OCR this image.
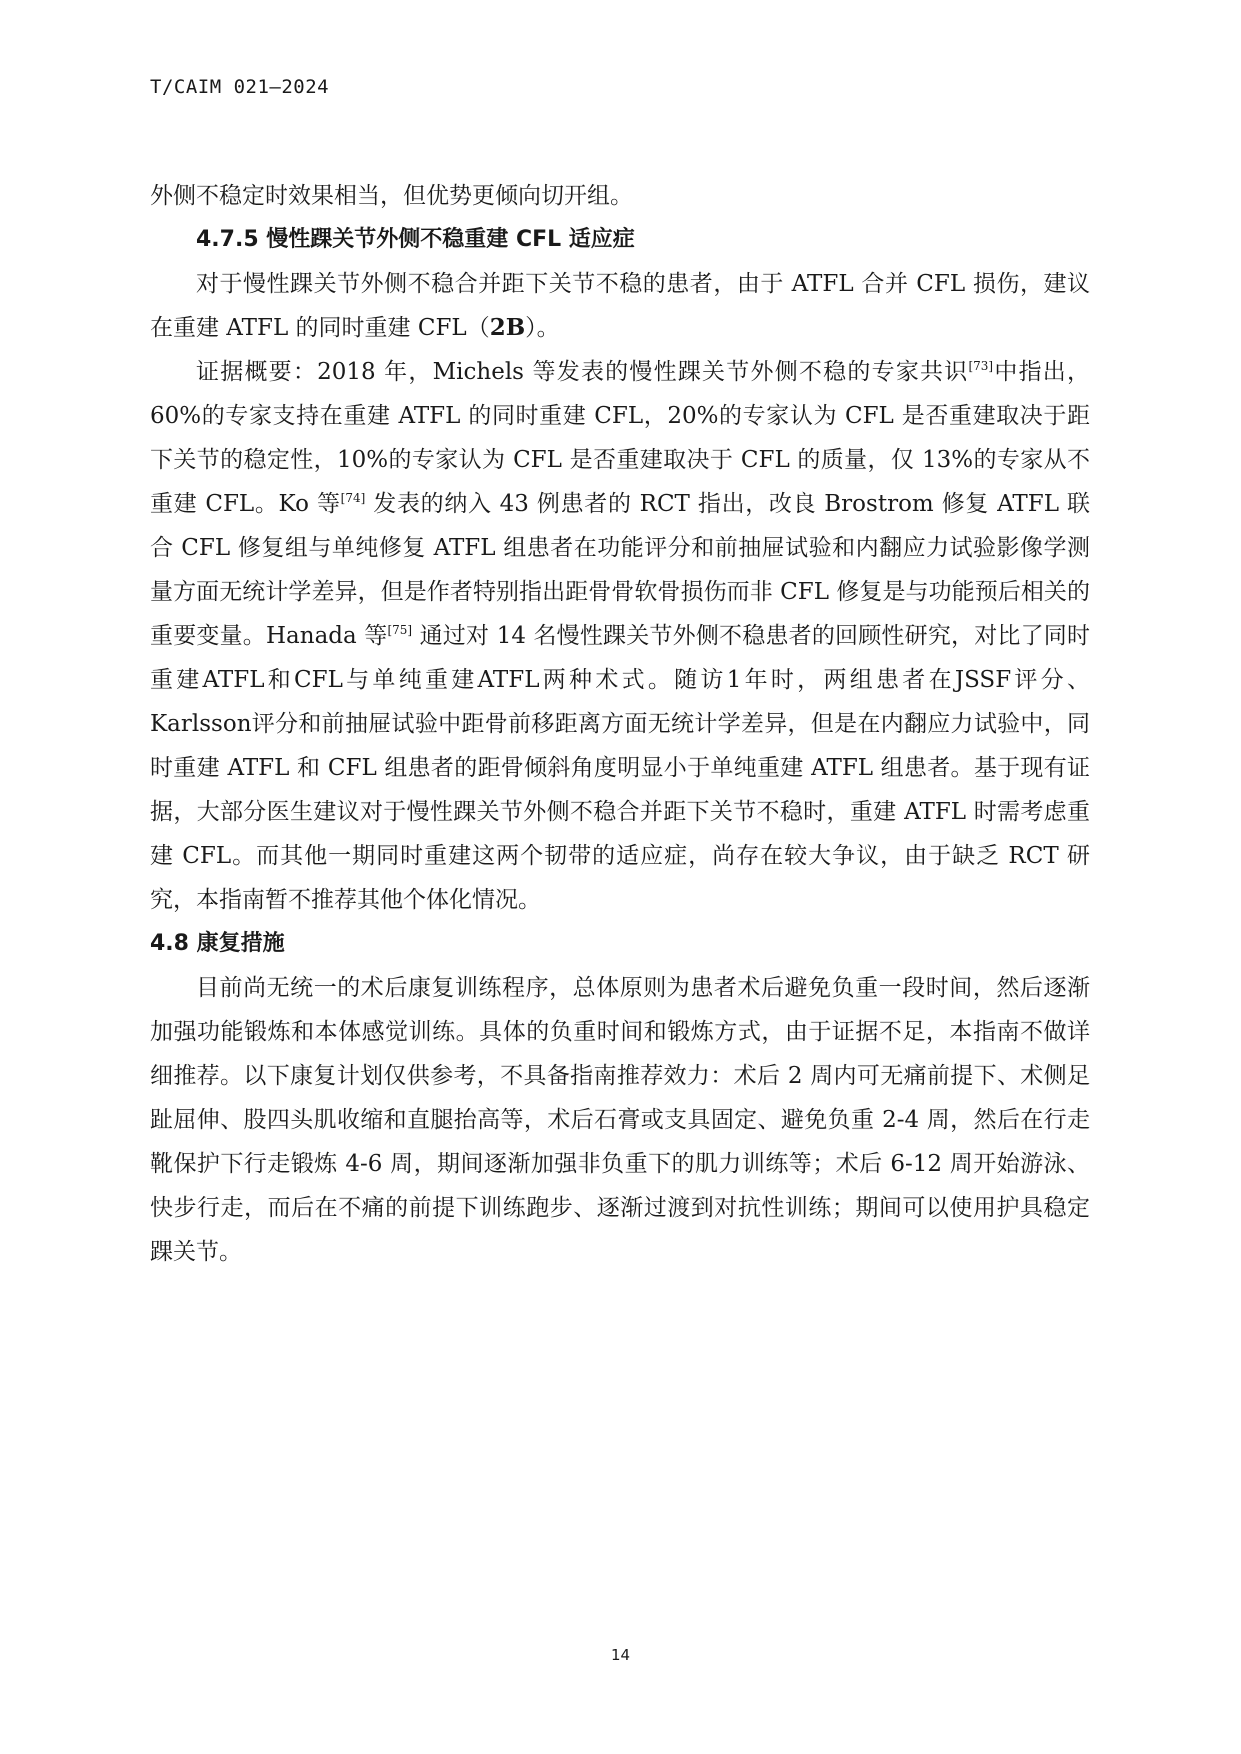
T/CAIM 021—2024

外侧不稳定时效果相当，但优势更倾向切开组。

4.7.5 慢性踝关节外侧不稳重建 CFL 适应症

对于慢性踝关节外侧不稳合并距下关节不稳的患者，由于 ATFL 合并 CFL 损伤，建议在重建 ATFL 的同时重建 CFL（2B）。

证据概要：2018 年，Michels 等发表的慢性踝关节外侧不稳的专家共识[73]中指出，60%的专家支持在重建 ATFL 的同时重建 CFL，20%的专家认为 CFL 是否重建取决于距下关节的稳定性，10%的专家认为 CFL 是否重建取决于 CFL 的质量，仅 13%的专家从不重建 CFL。Ko 等[74] 发表的纳入 43 例患者的 RCT 指出，改良 Brostrom 修复 ATFL 联合 CFL 修复组与单纯修复 ATFL 组患者在功能评分和前抽屉试验和内翻应力试验影像学测量方面无统计学差异，但是作者特别指出距骨骨软骨损伤而非 CFL 修复是与功能预后相关的重要变量。Hanada 等[75] 通过对 14 名慢性踝关节外侧不稳患者的回顾性研究，对比了同时重建ATFL和CFL与单纯重建ATFL两种术式。随访1年时，两组患者在JSSF评分、Karlsson评分和前抽屉试验中距骨前移距离方面无统计学差异，但是在内翻应力试验中，同时重建 ATFL 和 CFL 组患者的距骨倾斜角度明显小于单纯重建 ATFL 组患者。基于现有证据，大部分医生建议对于慢性踝关节外侧不稳合并距下关节不稳时，重建 ATFL 时需考虑重建 CFL。而其他一期同时重建这两个韧带的适应症，尚存在较大争议，由于缺乏 RCT 研究，本指南暂不推荐其他个体化情况。

4.8 康复措施

目前尚无统一的术后康复训练程序，总体原则为患者术后避免负重一段时间，然后逐渐加强功能锻炼和本体感觉训练。具体的负重时间和锻炼方式，由于证据不足，本指南不做详细推荐。以下康复计划仅供参考，不具备指南推荐效力：术后 2 周内可无痛前提下、术侧足趾屈伸、股四头肌收缩和直腿抬高等，术后石膏或支具固定、避免负重 2-4 周，然后在行走靴保护下行走锻炼 4-6 周，期间逐渐加强非负重下的肌力训练等；术后 6-12 周开始游泳、快步行走，而后在不痛的前提下训练跑步、逐渐过渡到对抗性训练；期间可以使用护具稳定踝关节。

14
